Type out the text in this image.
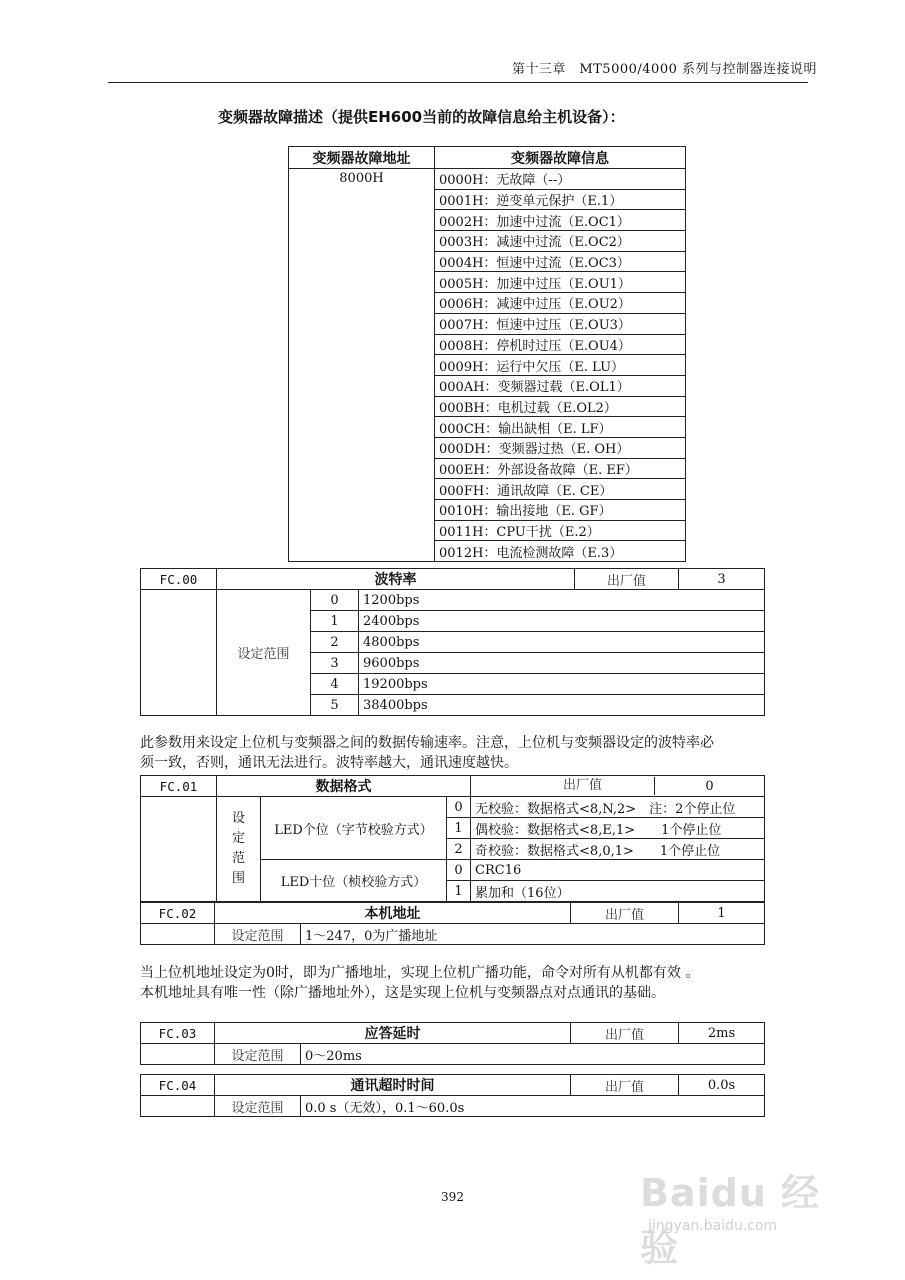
第十三章　MT5000/4000 系列与控制器连接说明
变频器故障描述（提供EH600当前的故障信息给主机设备）：
变频器故障地址	变频器故障信息
8000H	0000H：无故障（--）
	0001H：逆变单元保护（E.1）
	0002H：加速中过流（E.OC1）
	0003H：减速中过流（E.OC2）
	0004H：恒速中过流（E.OC3）
	0005H：加速中过压（E.OU1）
	0006H：减速中过压（E.OU2）
	0007H：恒速中过压（E.OU3）
	0008H：停机时过压（E.OU4）
	0009H：运行中欠压（E. LU）
	000AH：变频器过载（E.OL1）
	000BH：电机过载（E.OL2）
	000CH：输出缺相（E. LF）
	000DH：变频器过热（E. OH）
	000EH：外部设备故障（E. EF）
	000FH：通讯故障（E. CE）
	0010H：输出接地（E. GF）
	0011H：CPU干扰（E.2）
	0012H：电流检测故障（E.3）
FC.00	波特率			出厂值	3
	设定范围	0	1200bps		
		1	2400bps		
		2	4800bps		
		3	9600bps		
		4	19200bps		
		5	38400bps		
此参数用来设定上位机与变频器之间的数据传输速率。注意，上位机与变频器设定的波特率必
须一致，否则，通讯无法进行。波特率越大，通讯速度越快。
FC.01	数据格式			出厂值 0

	设
定
范
围	LED个位（字节校验方式）	0	无校验：数据格式<8,N,2>　注：2个停止位
			1	偶校验：数据格式<8,E,1>　　1个停止位
			2	奇校验：数据格式<8,0,1>　　1个停止位
		LED十位（桢校验方式）	0	CRC16
			1	累加和（16位）
FC.02	本机地址		出厂值	1
	设定范围	1～247，0为广播地址		
当上位机地址设定为0时，即为广播地址，实现上位机广播功能，命令对所有从机都有效 。
本机地址具有唯一性（除广播地址外），这是实现上位机与变频器点对点通讯的基础。
FC.03	应答延时		出厂值	2ms
	设定范围	0～20ms		
FC.04	通讯超时时间		出厂值	0.0s
	设定范围	0.0 s（无效），0.1～60.0s		
392	Baidu 经验
jingyan.baidu.com
